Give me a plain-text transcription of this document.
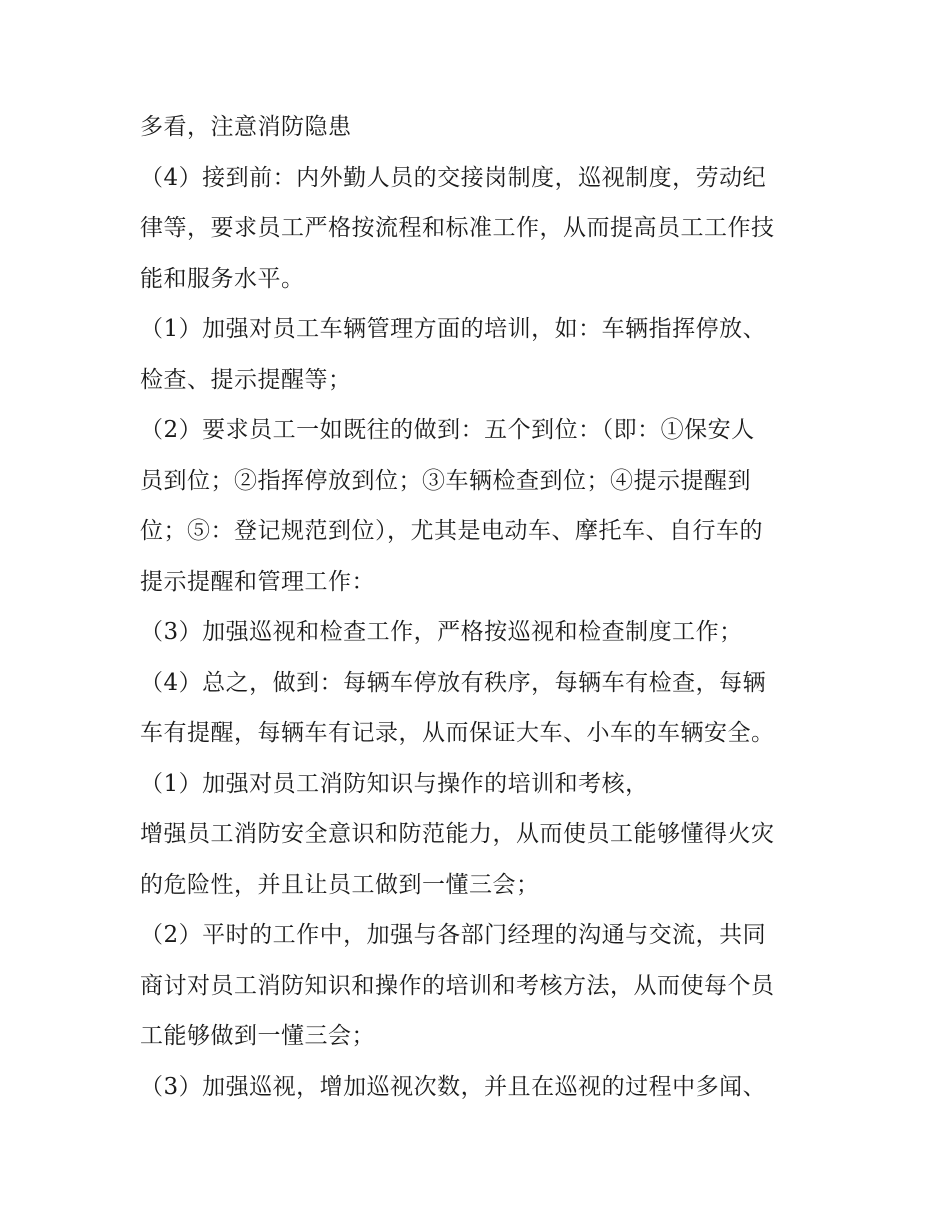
多看，注意消防隐患
（4）接到前：内外勤人员的交接岗制度，巡视制度，劳动纪
律等，要求员工严格按流程和标准工作，从而提高员工工作技
能和服务水平。
（1）加强对员工车辆管理方面的培训，如：车辆指挥停放、
检查、提示提醒等；
（2）要求员工一如既往的做到：五个到位：（即：①保安人
员到位；②指挥停放到位；③车辆检查到位；④提示提醒到
位；⑤：登记规范到位），尤其是电动车、摩托车、自行车的
提示提醒和管理工作：
（3）加强巡视和检查工作，严格按巡视和检查制度工作；
（4）总之，做到：每辆车停放有秩序，每辆车有检查，每辆
车有提醒，每辆车有记录，从而保证大车、小车的车辆安全。
（1）加强对员工消防知识与操作的培训和考核，
增强员工消防安全意识和防范能力，从而使员工能够懂得火灾
的危险性，并且让员工做到一懂三会；
（2）平时的工作中，加强与各部门经理的沟通与交流，共同
商讨对员工消防知识和操作的培训和考核方法，从而使每个员
工能够做到一懂三会；
（3）加强巡视，增加巡视次数，并且在巡视的过程中多闻、
